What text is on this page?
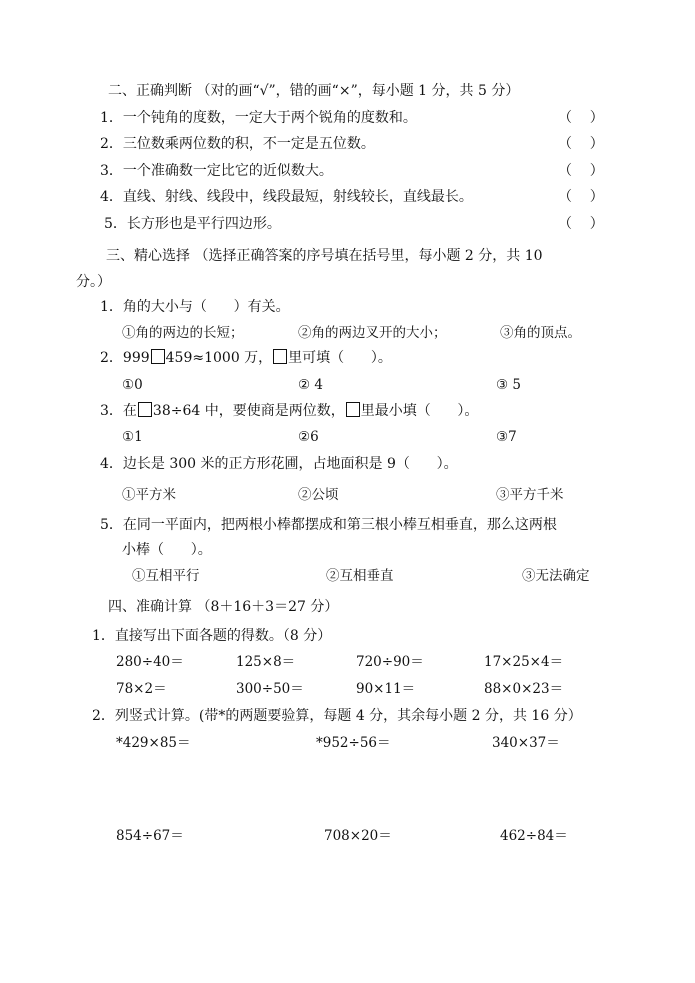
二、正确判断 （对的画“√”，错的画“×”，每小题 1 分，共 5 分）
1．一个钝角的度数，一定大于两个锐角的度数和。	（    ）
2．三位数乘两位数的积，不一定是五位数。	（    ）
3．一个准确数一定比它的近似数大。	（    ）
4．直线、射线、线段中，线段最短，射线较长，直线最长。	（    ）
5．长方形也是平行四边形。	（    ）
三、精心选择 （选择正确答案的序号填在括号里，每小题 2 分，共 10
分。）
1．角的大小与（      ）有关。
①角的两边的长短；	②角的两边叉开的大小；	③角的顶点。
2．999 459≈1000 万， 里可填（      ）。
①0	② 4	③ 5
3．在 38÷64 中，要使商是两位数， 里最小填（      ）。
①1	②6	③7
4．边长是 300 米的正方形花圃，占地面积是 9（      ）。
①平方米	②公顷	③平方千米
5．在同一平面内，把两根小棒都摆成和第三根小棒互相垂直，那么这两根
小棒（      ）。
①互相平行	②互相垂直	③无法确定
四、准确计算 （8＋16＋3＝27 分）
1．直接写出下面各题的得数。（8 分）
280÷40＝	125×8＝	720÷90＝	17×25×4＝
78×2＝	300÷50＝	90×11＝	88×0×23＝
2．列竖式计算。(带*的两题要验算，每题 4 分，其余每小题 2 分，共 16 分）
*429×85＝	*952÷56＝	340×37＝
854÷67＝	708×20＝	462÷84＝
